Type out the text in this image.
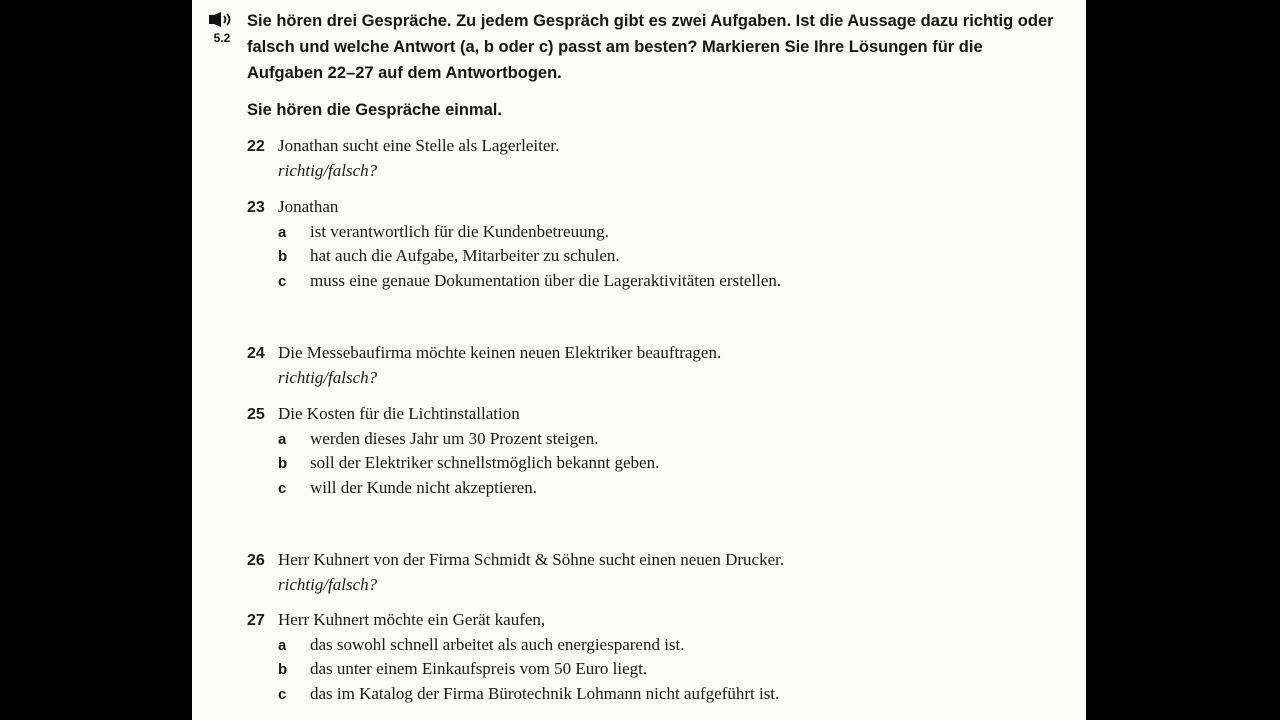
5.2
Sie hören drei Gespräche. Zu jedem Gespräch gibt es zwei Aufgaben. Ist die Aussage dazu richtig oder falsch und welche Antwort (a, b oder c) passt am besten? Markieren Sie Ihre Lösungen für die Aufgaben 22–27 auf dem Antwortbogen.
Sie hören die Gespräche einmal.
22 Jonathan sucht eine Stelle als Lagerleiter.
richtig/falsch?
23 Jonathan
a ist verantwortlich für die Kundenbetreuung.
b hat auch die Aufgabe, Mitarbeiter zu schulen.
c muss eine genaue Dokumentation über die Lageraktivitäten erstellen.
24 Die Messebaufirma möchte keinen neuen Elektriker beauftragen.
richtig/falsch?
25 Die Kosten für die Lichtinstallation
a werden dieses Jahr um 30 Prozent steigen.
b soll der Elektriker schnellstmöglich bekannt geben.
c will der Kunde nicht akzeptieren.
26 Herr Kuhnert von der Firma Schmidt & Söhne sucht einen neuen Drucker.
richtig/falsch?
27 Herr Kuhnert möchte ein Gerät kaufen,
a das sowohl schnell arbeitet als auch energiesparend ist.
b das unter einem Einkaufspreis vom 50 Euro liegt.
c das im Katalog der Firma Bürotechnik Lohmann nicht aufgeführt ist.
